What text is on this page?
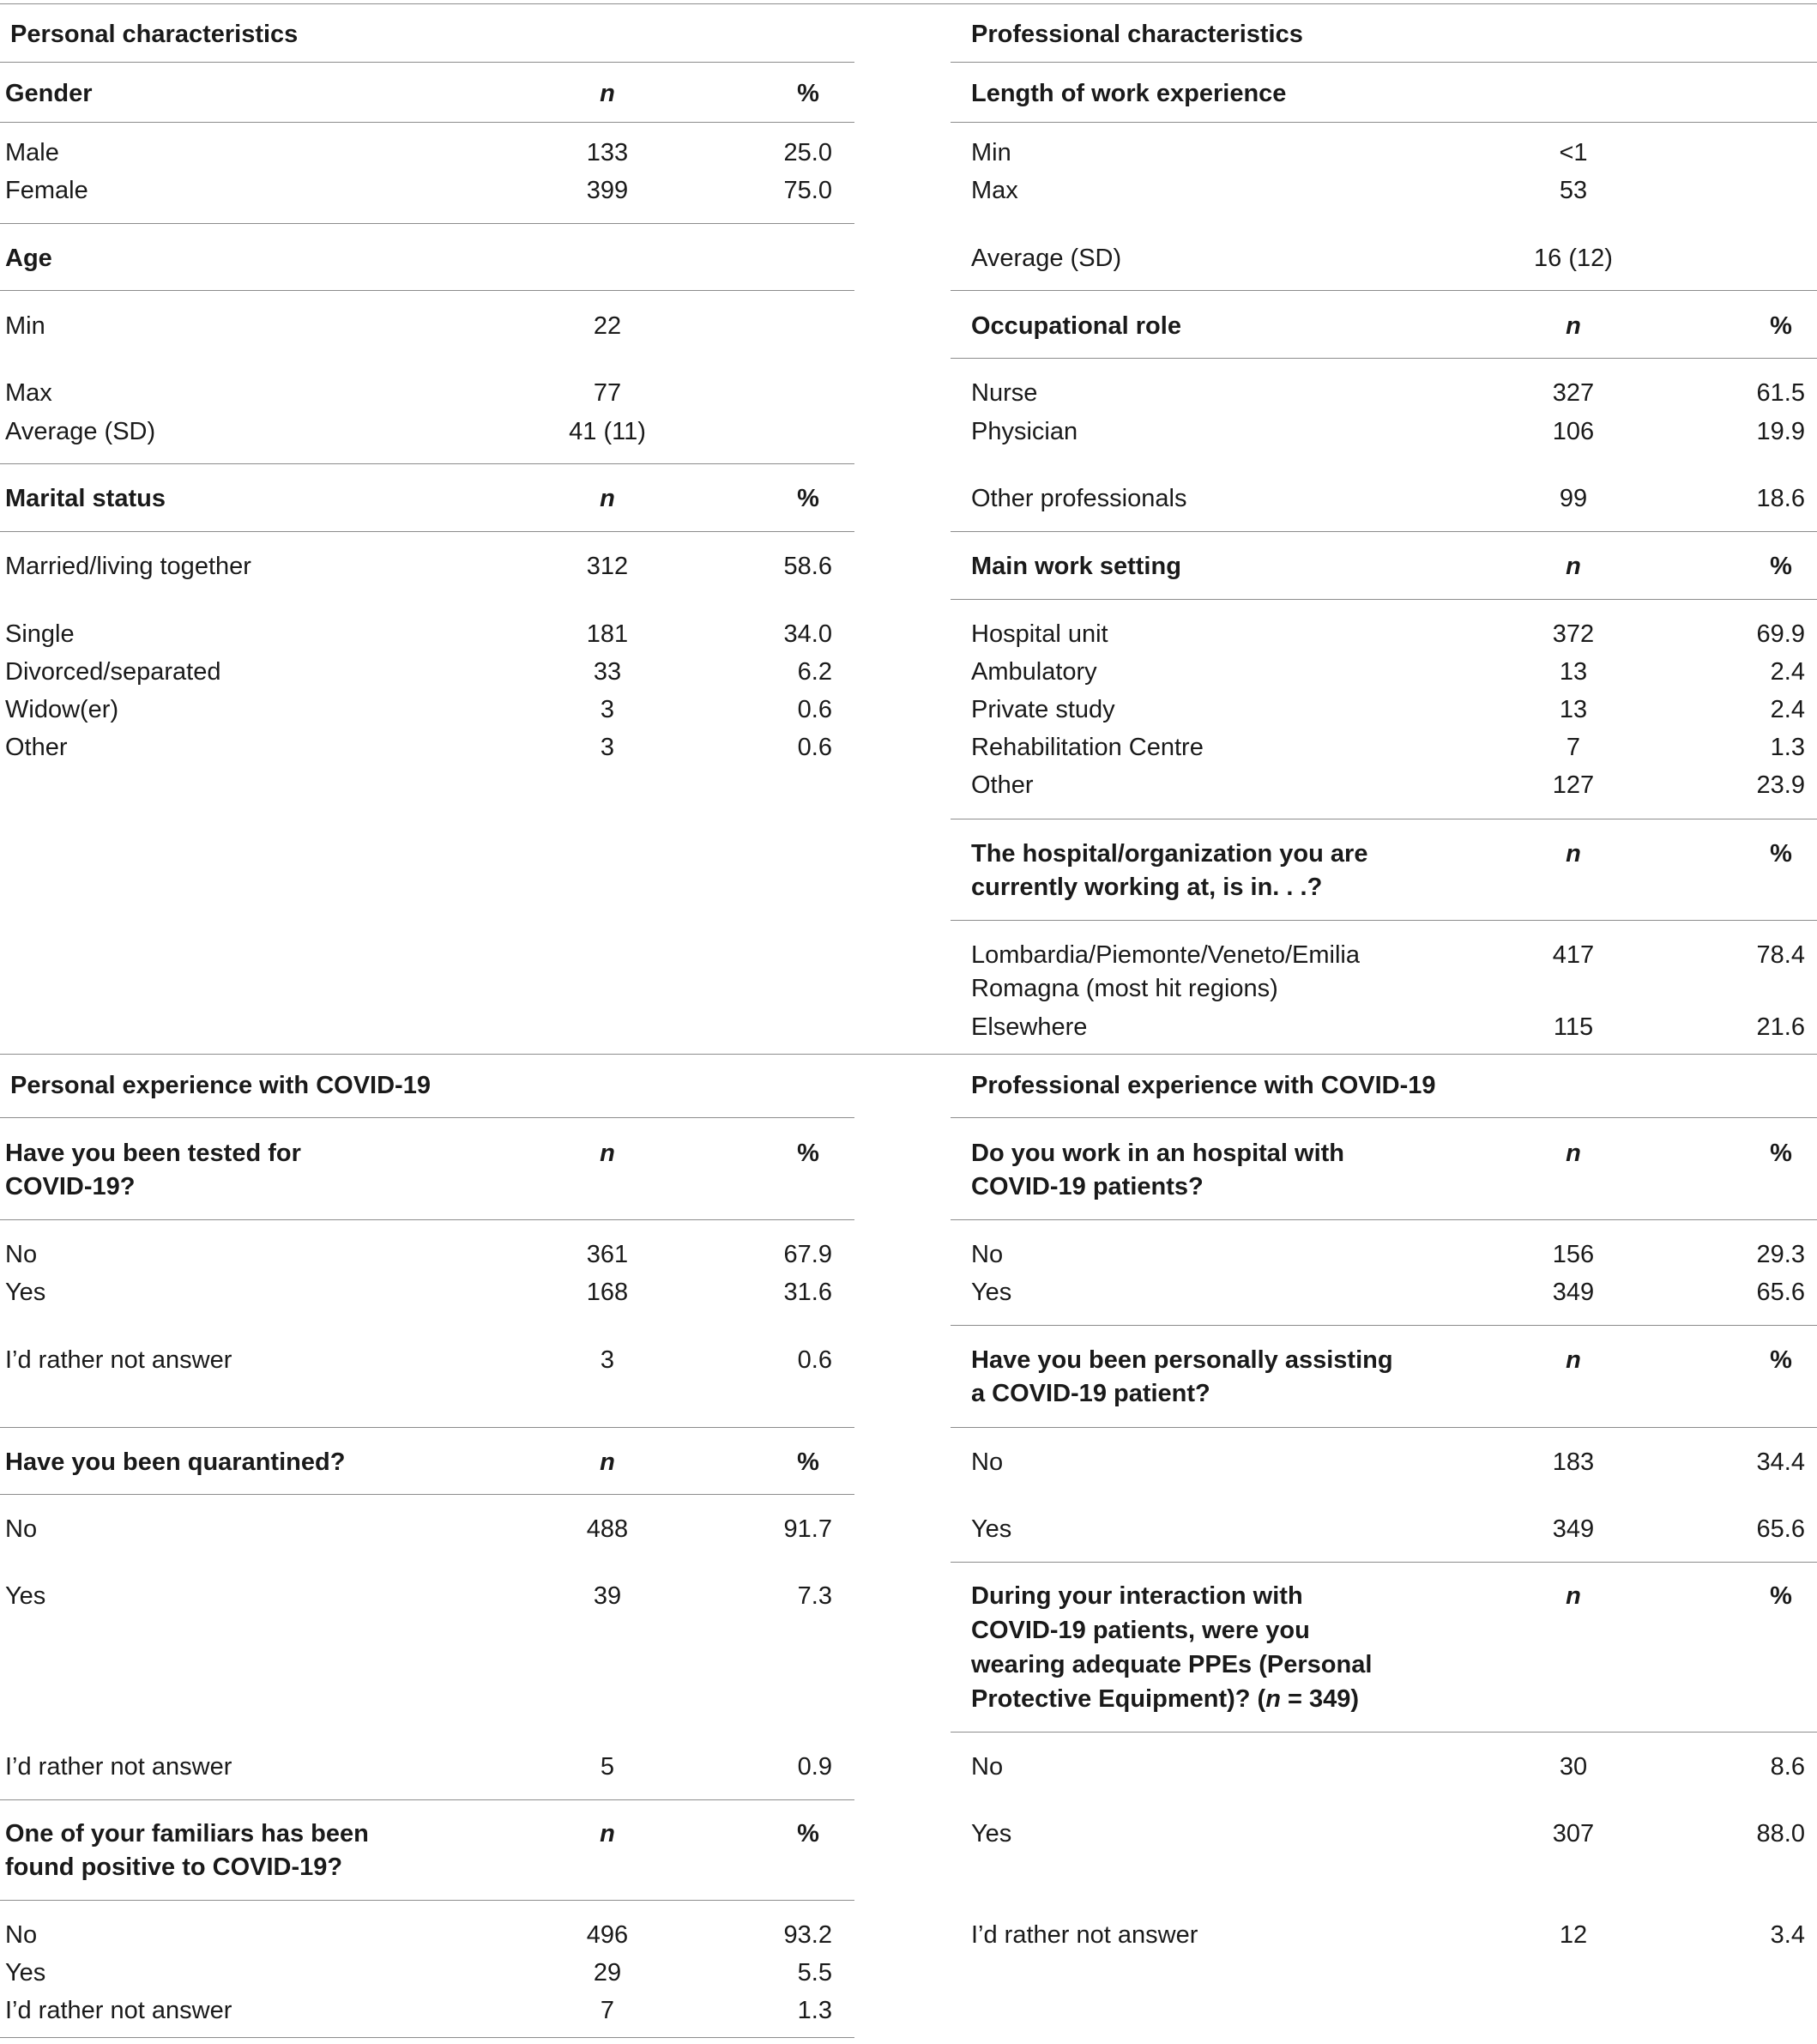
Personal characteristics
Gender	n	%
Male	133	25.0
Female	399	75.0
Age
Min	22
Max	77
Average (SD)	41 (11)
Marital status	n	%
Married/living together	312	58.6
Single	181	34.0
Divorced/separated	33	6.2
Widow(er)	3	0.6
Other	3	0.6
Professional characteristics
Length of work experience
Min	<1
Max	53
Average (SD)	16 (12)
Occupational role	n	%
Nurse	327	61.5
Physician	106	19.9
Other professionals	99	18.6
Main work setting	n	%
Hospital unit	372	69.9
Ambulatory	13	2.4
Private study	13	2.4
Rehabilitation Centre	7	1.3
Other	127	23.9
The hospital/organization you are
currently working at, is in. . .?
n	%
Lombardia/Piemonte/Veneto/Emilia
Romagna (most hit regions)
417	78.4
Elsewhere	115	21.6
Personal experience with COVID-19
Have you been tested for
COVID-19?
n	%
No	361	67.9
Yes	168	31.6
I’d rather not answer	3	0.6
Have you been quarantined?	n	%
No	488	91.7
Yes	39	7.3
I’d rather not answer	5	0.9
One of your familiars has been
found positive to COVID-19?
n	%
No	496	93.2
Yes	29	5.5
I’d rather not answer	7	1.3
Professional experience with COVID-19
Do you work in an hospital with
COVID-19 patients?
n	%
No	156	29.3
Yes	349	65.6
Have you been personally assisting
a COVID-19 patient?
n	%
No	183	34.4
Yes	349	65.6
During your interaction with
COVID-19 patients, were you
wearing adequate PPEs (Personal
Protective Equipment)? (n = 349)
n	%
No	30	8.6
Yes	307	88.0
I’d rather not answer	12	3.4
